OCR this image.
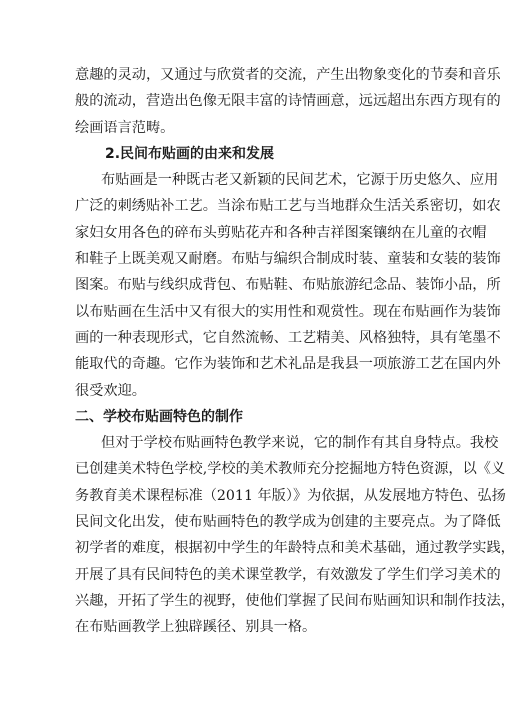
意趣的灵动，又通过与欣赏者的交流，产生出物象变化的节奏和音乐
般的流动，营造出色像无限丰富的诗情画意，远远超出东西方现有的
绘画语言范畴。
2.民间布贴画的由来和发展
布贴画是一种既古老又新颖的民间艺术，它源于历史悠久、应用
广泛的刺绣贴补工艺。当涂布贴工艺与当地群众生活关系密切，如农
家妇女用各色的碎布头剪贴花卉和各种吉祥图案镶纳在儿童的衣帽
和鞋子上既美观又耐磨。布贴与编织合制成时装、童装和女装的装饰
图案。布贴与线织成背包、布贴鞋、布贴旅游纪念品、装饰小品，所
以布贴画在生活中又有很大的实用性和观赏性。现在布贴画作为装饰
画的一种表现形式，它自然流畅、工艺精美、风格独特，具有笔墨不
能取代的奇趣。它作为装饰和艺术礼品是我县一项旅游工艺在国内外
很受欢迎。
二、学校布贴画特色的制作
但对于学校布贴画特色教学来说，它的制作有其自身特点。我校
已创建美术特色学校,学校的美术教师充分挖掘地方特色资源，以《义
务教育美术课程标准（2011 年版）》为依据，从发展地方特色、弘扬
民间文化出发，使布贴画特色的教学成为创建的主要亮点。为了降低
初学者的难度，根据初中学生的年龄特点和美术基础，通过教学实践，
开展了具有民间特色的美术课堂教学，有效激发了学生们学习美术的
兴趣，开拓了学生的视野，使他们掌握了民间布贴画知识和制作技法，
在布贴画教学上独辟蹊径、别具一格。
